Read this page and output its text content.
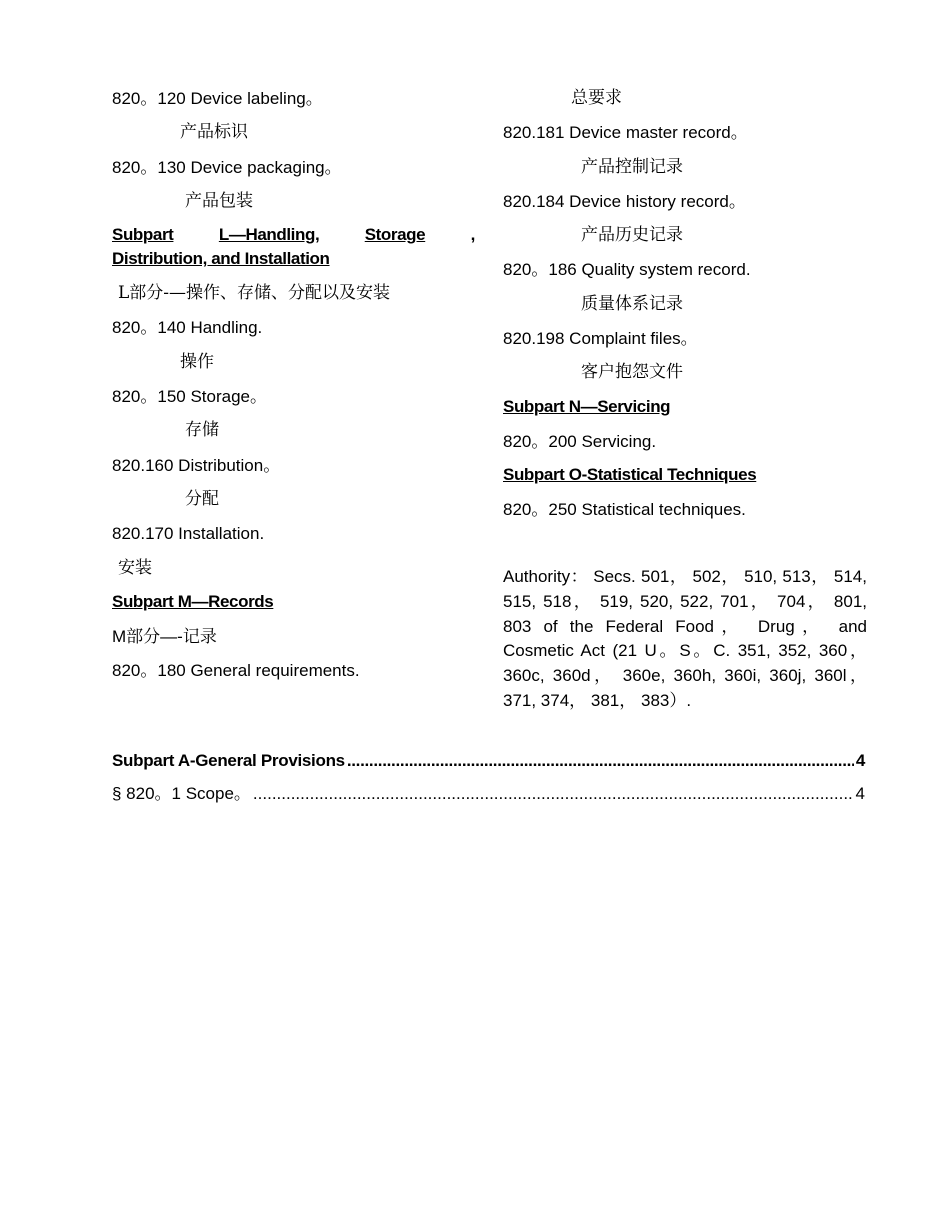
820。120 Device labeling。
产品标识
820。130 Device packaging。
产品包装
Subpart	L—Handling,	Storage	,
Distribution, and Installation
L部分-—操作、存储、分配以及安装
820。140 Handling.
操作
820。150 Storage。
存储
820.160 Distribution。
分配
820.170 Installation.
安装
Subpart M—Records
M部分—-记录
820。180 General requirements.
总要求
820.181 Device master record。
产品控制记录
820.184 Device history record。
产品历史记录
820。186 Quality system record.
质量体系记录
820.198 Complaint files。
客户抱怨文件
Subpart N—Servicing
820。200 Servicing.
Subpart O-Statistical Techniques
820。250 Statistical techniques.
Authority： Secs. 501， 502， 510, 513， 514, 515, 518， 519, 520, 522, 701， 704， 801, 803 of the Federal Food， Drug， and Cosmetic Act (21 U。S。C. 351, 352, 360， 360c, 360d， 360e, 360h, 360i, 360j, 360l， 371, 374， 381， 383）.
Subpart A-General Provisions .....	4
§ 820。1 Scope。 .....	4
